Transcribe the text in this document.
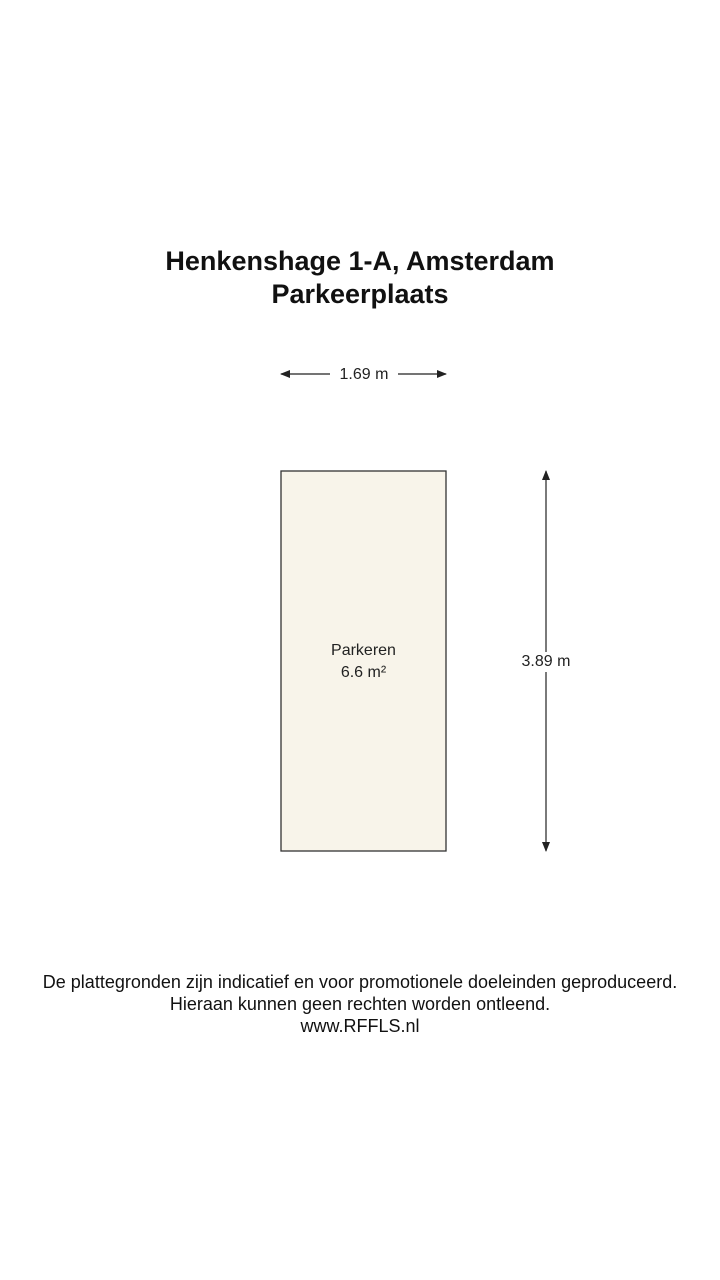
Henkenshage 1-A, Amsterdam
Parkeerplaats
1.69 m
3.89 m
Parkeren
6.6 m²

De plattegronden zijn indicatief en voor promotionele doeleinden geproduceerd.

Hieraan kunnen geen rechten worden ontleend.

www.RFFLS.nl
